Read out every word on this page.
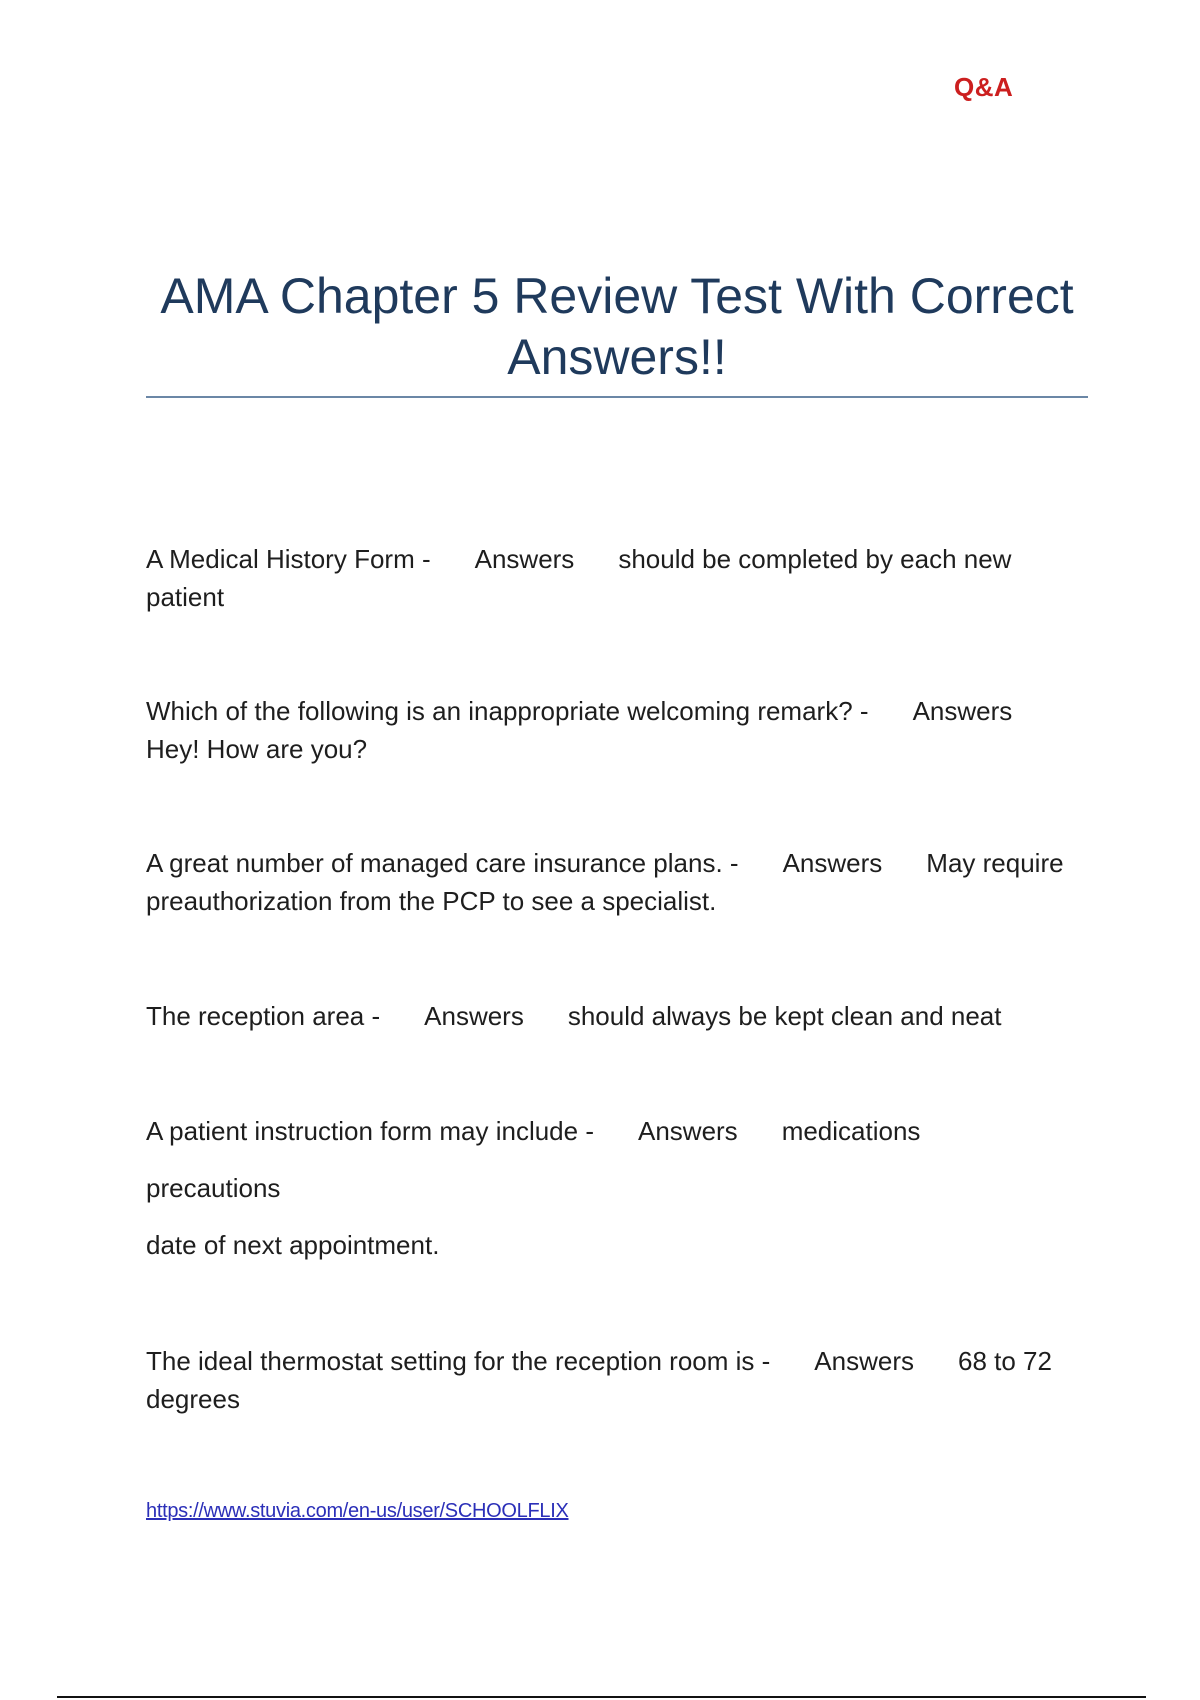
Q&A
AMA Chapter 5 Review Test With Correct Answers!!
A Medical History Form - Answers should be completed by each new patient
Which of the following is an inappropriate welcoming remark? - AnswersHey! How are you?
A great number of managed care insurance plans. - Answers May require preauthorization from the PCP to see a specialist.
The reception area - Answers should always be kept clean and neat
A patient instruction form may include - Answers medications
precautions
date of next appointment.
The ideal thermostat setting for the reception room is - Answers 68 to 72 degrees
https://www.stuvia.com/en-us/user/SCHOOLFLIX
